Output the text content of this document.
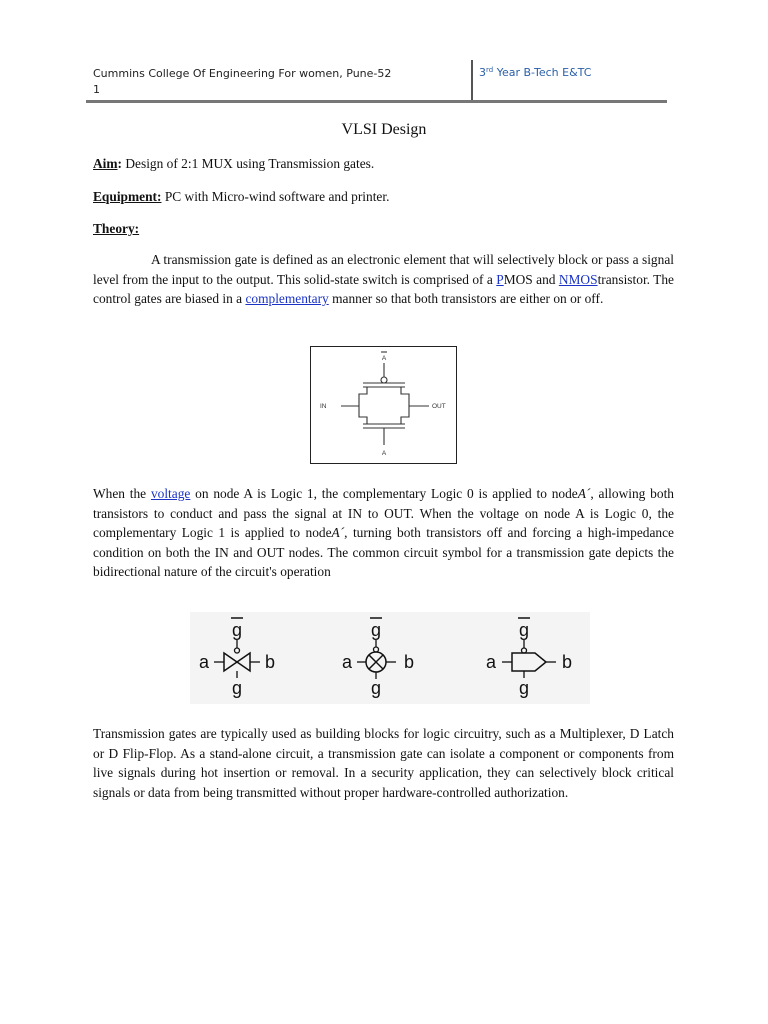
Cummins College Of Engineering For women, Pune-52
1
3rd Year B-Tech E&TC
VLSI Design
Aim: Design of 2:1 MUX using Transmission gates.
Equipment: PC with Micro-wind software and printer.
Theory:
A transmission gate is defined as an electronic element that will selectively block or pass a signal level from the input to the output. This solid-state switch is comprised of a PMOS and NMOStransistor. The control gates are biased in a complementary manner so that both transistors are either on or off.
A
A
IN	OUT
When the voltage on node A is Logic 1, the complementary Logic 0 is applied to nodeA´, allowing both transistors to conduct and pass the signal at IN to OUT. When the voltage on node A is Logic 0, the complementary Logic 1 is applied to nodeA´, turning both transistors off and forcing a high-impedance condition on both the IN and OUT nodes. The common circuit symbol for a transmission gate depicts the bidirectional nature of the circuit's operation
g
a	b
g
g
a	b
g
g
a	b
g
Transmission gates are typically used as building blocks for logic circuitry, such as a Multiplexer, D Latch or D Flip-Flop. As a stand-alone circuit, a transmission gate can isolate a component or components from live signals during hot insertion or removal. In a security application, they can selectively block critical signals or data from being transmitted without proper hardware-controlled authorization.
